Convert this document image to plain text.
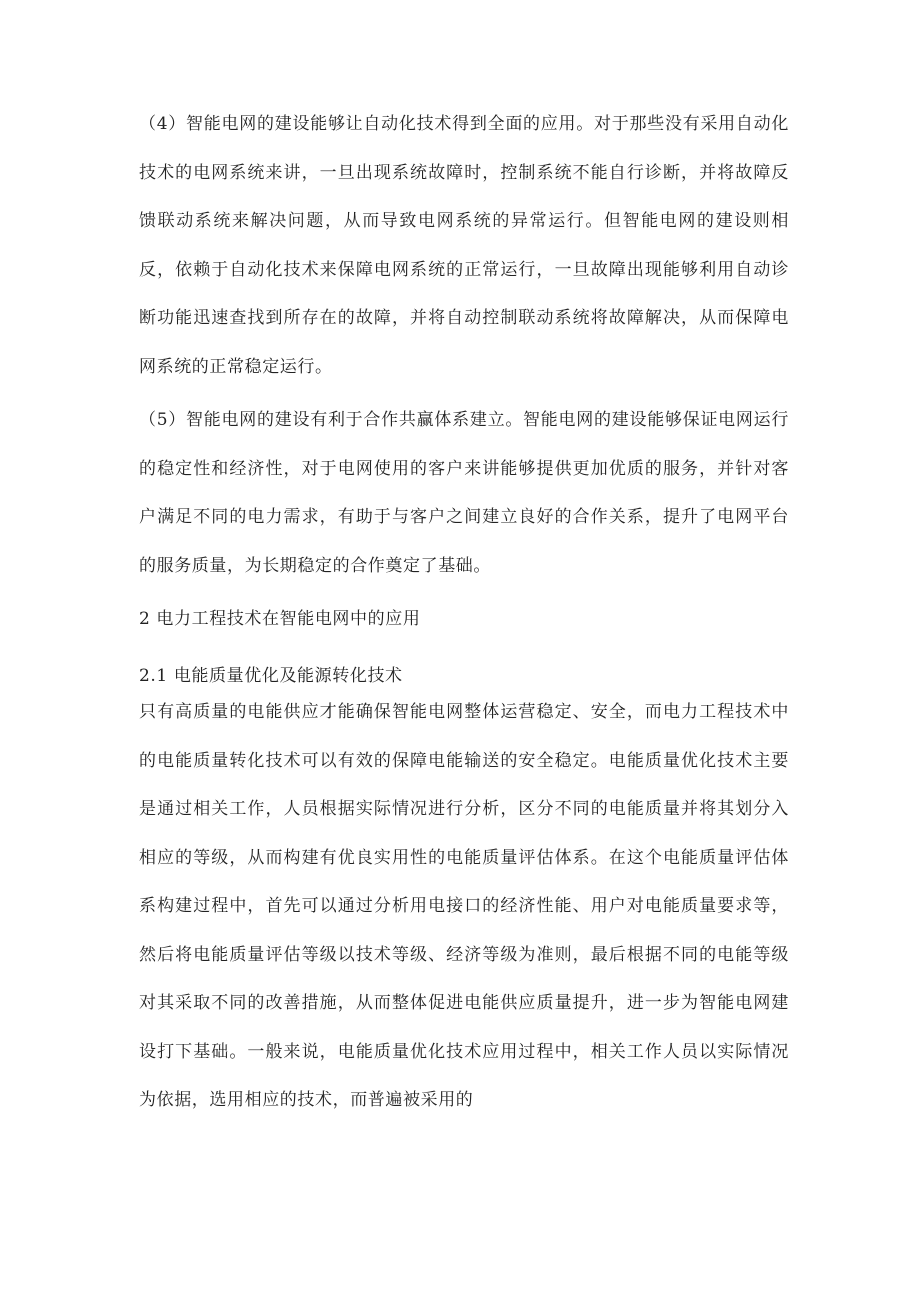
（4）智能电网的建设能够让自动化技术得到全面的应用。对于那些没有采用自动化技术的电网系统来讲，一旦出现系统故障时，控制系统不能自行诊断，并将故障反馈联动系统来解决问题，从而导致电网系统的异常运行。但智能电网的建设则相反，依赖于自动化技术来保障电网系统的正常运行，一旦故障出现能够利用自动诊断功能迅速查找到所存在的故障，并将自动控制联动系统将故障解决，从而保障电网系统的正常稳定运行。

（5）智能电网的建设有利于合作共赢体系建立。智能电网的建设能够保证电网运行的稳定性和经济性，对于电网使用的客户来讲能够提供更加优质的服务，并针对客户满足不同的电力需求，有助于与客户之间建立良好的合作关系，提升了电网平台的服务质量，为长期稳定的合作奠定了基础。

2 电力工程技术在智能电网中的应用
2.1 电能质量优化及能源转化技术

只有高质量的电能供应才能确保智能电网整体运营稳定、安全，而电力工程技术中的电能质量转化技术可以有效的保障电能输送的安全稳定。电能质量优化技术主要是通过相关工作，人员根据实际情况进行分析，区分不同的电能质量并将其划分入相应的等级，从而构建有优良实用性的电能质量评估体系。在这个电能质量评估体系构建过程中，首先可以通过分析用电接口的经济性能、用户对电能质量要求等，然后将电能质量评估等级以技术等级、经济等级为准则，最后根据不同的电能等级对其采取不同的改善措施，从而整体促进电能供应质量提升，进一步为智能电网建设打下基础。一般来说，电能质量优化技术应用过程中，相关工作人员以实际情况为依据，选用相应的技术，而普遍被采用的
